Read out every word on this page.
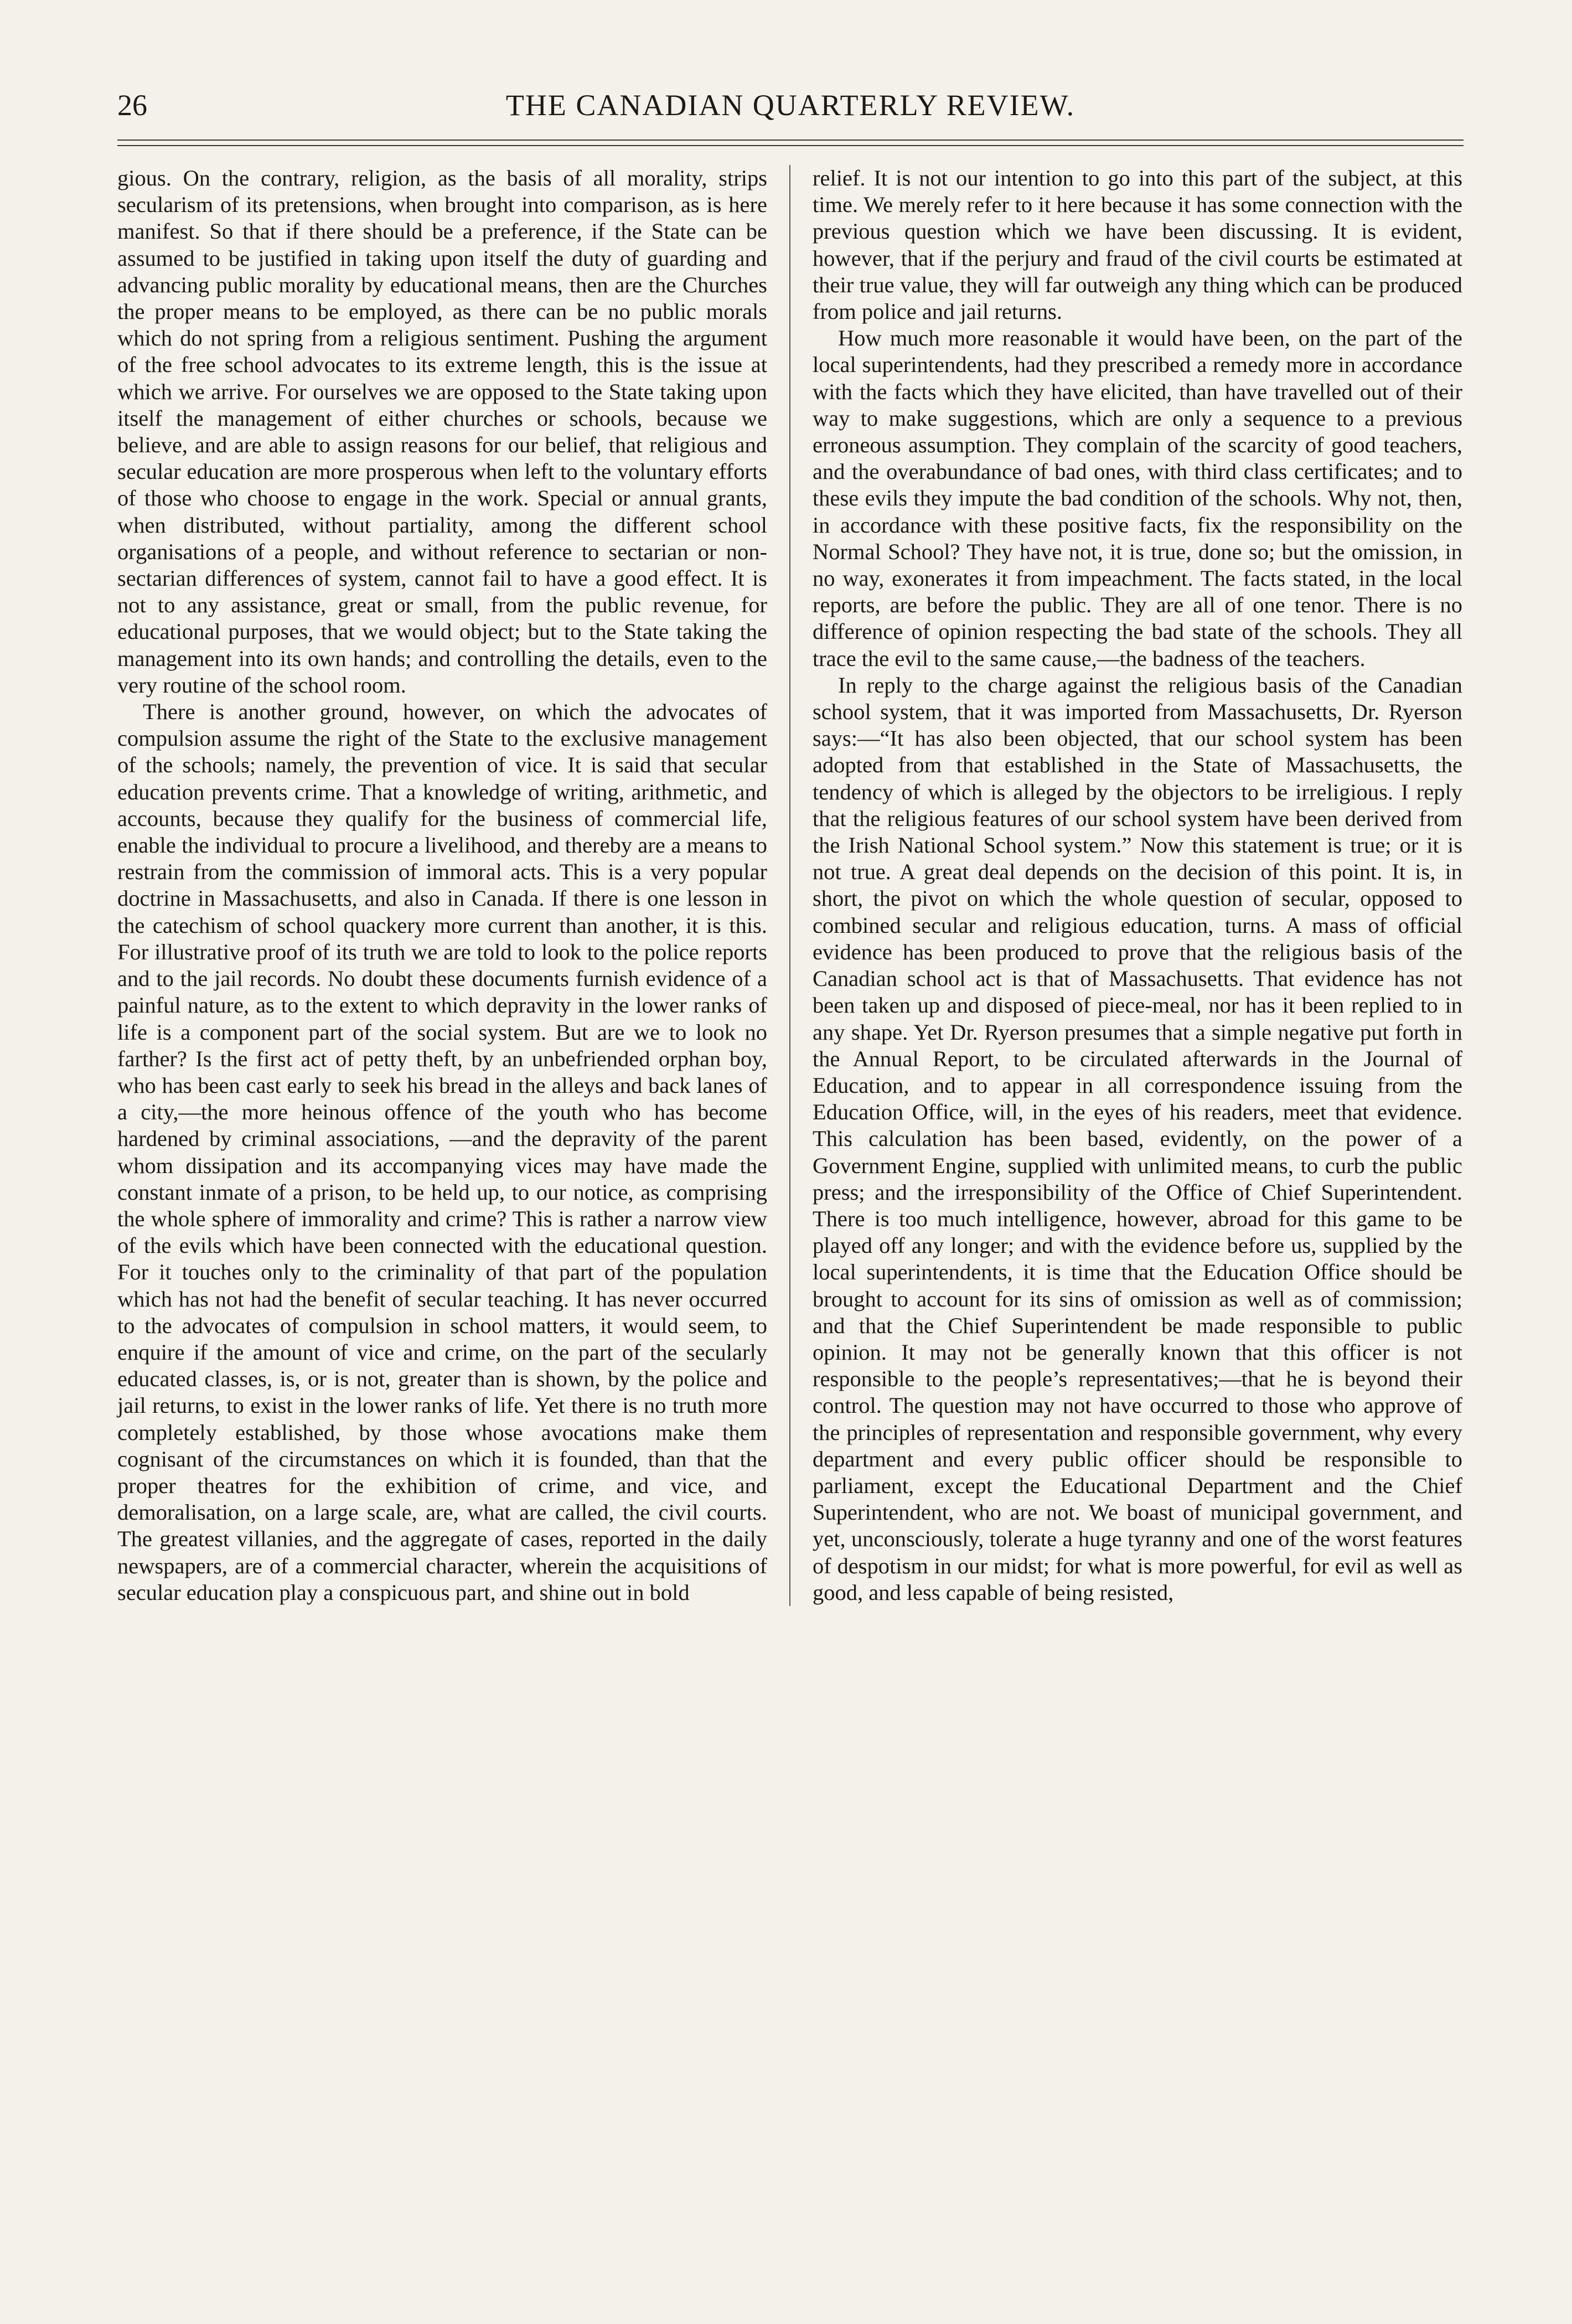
26	THE CANADIAN QUARTERLY REVIEW.

gious. On the contrary, religion, as the basis of all morality, strips secularism of its pretensions, when brought into comparison, as is here manifest. So that if there should be a preference, if the State can be assumed to be justified in taking upon itself the duty of guarding and advancing public morality by educational means, then are the Churches the proper means to be employed, as there can be no public morals which do not spring from a religious sentiment. Pushing the argument of the free school advocates to its extreme length, this is the issue at which we arrive. For ourselves we are opposed to the State taking upon itself the management of either churches or schools, because we believe, and are able to assign reasons for our belief, that religious and secular education are more prosperous when left to the voluntary efforts of those who choose to engage in the work. Special or annual grants, when distributed, without partiality, among the different school organisations of a people, and without reference to sectarian or non-sectarian differences of system, cannot fail to have a good effect. It is not to any assistance, great or small, from the public revenue, for educational purposes, that we would object; but to the State taking the management into its own hands; and controlling the details, even to the very routine of the school room.

There is another ground, however, on which the advocates of compulsion assume the right of the State to the exclusive management of the schools; namely, the prevention of vice. It is said that secular education prevents crime. That a knowledge of writing, arithmetic, and accounts, because they qualify for the business of commercial life, enable the individual to procure a livelihood, and thereby are a means to restrain from the commission of immoral acts. This is a very popular doctrine in Massachusetts, and also in Canada. If there is one lesson in the catechism of school quackery more current than another, it is this. For illustrative proof of its truth we are told to look to the police reports and to the jail records. No doubt these documents furnish evidence of a painful nature, as to the extent to which depravity in the lower ranks of life is a component part of the social system. But are we to look no farther? Is the first act of petty theft, by an unbefriended orphan boy, who has been cast early to seek his bread in the alleys and back lanes of a city,—the more heinous offence of the youth who has become hardened by criminal associations, —and the depravity of the parent whom dissipation and its accompanying vices may have made the constant inmate of a prison, to be held up, to our notice, as comprising the whole sphere of immorality and crime? This is rather a narrow view of the evils which have been connected with the educational question. For it touches only to the criminality of that part of the population which has not had the benefit of secular teaching. It has never occurred to the advocates of compulsion in school matters, it would seem, to enquire if the amount of vice and crime, on the part of the secularly educated classes, is, or is not, greater than is shown, by the police and jail returns, to exist in the lower ranks of life. Yet there is no truth more completely established, by those whose avocations make them cognisant of the circumstances on which it is founded, than that the proper theatres for the exhibition of crime, and vice, and demoralisation, on a large scale, are, what are called, the civil courts. The greatest villanies, and the aggregate of cases, reported in the daily newspapers, are of a commercial character, wherein the acquisitions of secular education play a conspicuous part, and shine out in bold

relief. It is not our intention to go into this part of the subject, at this time. We merely refer to it here because it has some connection with the previous question which we have been discussing. It is evident, however, that if the perjury and fraud of the civil courts be estimated at their true value, they will far outweigh any thing which can be produced from police and jail returns.

How much more reasonable it would have been, on the part of the local superintendents, had they prescribed a remedy more in accordance with the facts which they have elicited, than have travelled out of their way to make suggestions, which are only a sequence to a previous erroneous assumption. They complain of the scarcity of good teachers, and the overabundance of bad ones, with third class certificates; and to these evils they impute the bad condition of the schools. Why not, then, in accordance with these positive facts, fix the responsibility on the Normal School? They have not, it is true, done so; but the omission, in no way, exonerates it from impeachment. The facts stated, in the local reports, are before the public. They are all of one tenor. There is no difference of opinion respecting the bad state of the schools. They all trace the evil to the same cause,—the badness of the teachers.

In reply to the charge against the religious basis of the Canadian school system, that it was imported from Massachusetts, Dr. Ryerson says:—“It has also been objected, that our school system has been adopted from that established in the State of Massachusetts, the tendency of which is alleged by the objectors to be irreligious. I reply that the religious features of our school system have been derived from the Irish National School system.” Now this statement is true; or it is not true. A great deal depends on the decision of this point. It is, in short, the pivot on which the whole question of secular, opposed to combined secular and religious education, turns. A mass of official evidence has been produced to prove that the religious basis of the Canadian school act is that of Massachusetts. That evidence has not been taken up and disposed of piece-meal, nor has it been replied to in any shape. Yet Dr. Ryerson presumes that a simple negative put forth in the Annual Report, to be circulated afterwards in the Journal of Education, and to appear in all correspondence issuing from the Education Office, will, in the eyes of his readers, meet that evidence. This calculation has been based, evidently, on the power of a Government Engine, supplied with unlimited means, to curb the public press; and the irresponsibility of the Office of Chief Superintendent. There is too much intelligence, however, abroad for this game to be played off any longer; and with the evidence before us, supplied by the local superintendents, it is time that the Education Office should be brought to account for its sins of omission as well as of commission; and that the Chief Superintendent be made responsible to public opinion. It may not be generally known that this officer is not responsible to the people’s representatives;—that he is beyond their control. The question may not have occurred to those who approve of the principles of representation and responsible government, why every department and every public officer should be responsible to parliament, except the Educational Department and the Chief Superintendent, who are not. We boast of municipal government, and yet, unconsciously, tolerate a huge tyranny and one of the worst features of despotism in our midst; for what is more powerful, for evil as well as good, and less capable of being resisted,
